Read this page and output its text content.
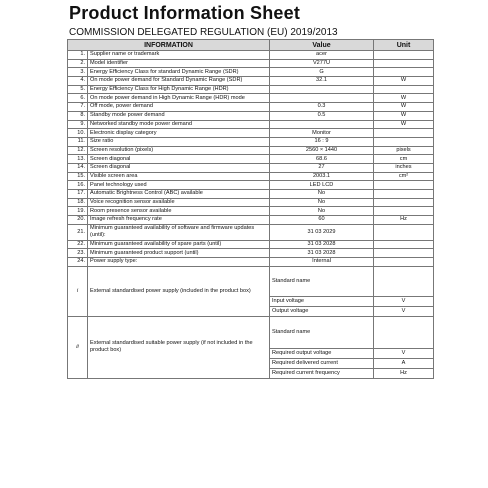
Product Information Sheet
COMMISSION DELEGATED REGULATION (EU) 2019/2013
INFORMATION		Value	Unit
1.	Supplier name or trademark	acer	
2.	Model identifier	V277U	
3.	Energy Efficiency Class for standard Dynamic Range (SDR)	G	
4.	On mode power demand for Standard Dynamic Range (SDR)	32.1	W
5.	Energy Efficiency Class for High Dynamic Range (HDR)		
6.	On mode power demand in High Dynamic Range (HDR) mode		W
7.	Off mode, power demand	0.3	W
8.	Standby mode power demand	0.5	W
9.	Networked standby mode power demand		W
10.	Electronic display category	Monitor	
11.	Size ratio	16 : 9	
12.	Screen resolution (pixels)	2560 × 1440	pixels
13.	Screen diagonal	68.6	cm
14.	Screen diagonal	27	inches
15.	Visible screen area	2003.1	cm²
16.	Panel technology used	LED LCD	
17.	Automatic Brightness Control (ABC) available	No	
18.	Voice recognition sensor available	No	
19.	Room presence sensor available	No	
20.	Image refresh frequency rate	60	Hz
21.	Minimum guaranteed availability of software and firmware updates (until):	31 03 2029	
22.	Minimum guaranteed availability of spare parts (until)	31 03 2028	
23.	Minimum guaranteed product support (until)	31 03 2028	
24.	Power supply type:	Internal	
i	External standardised power supply (included in the product box)	Standard name	
		Input voltage	V
		Output voltage	V
ii	External standardised suitable power supply (if not included in the product box)	Standard name	
		Required output voltage	V
		Required delivered current	A
		Required current frequency	Hz
